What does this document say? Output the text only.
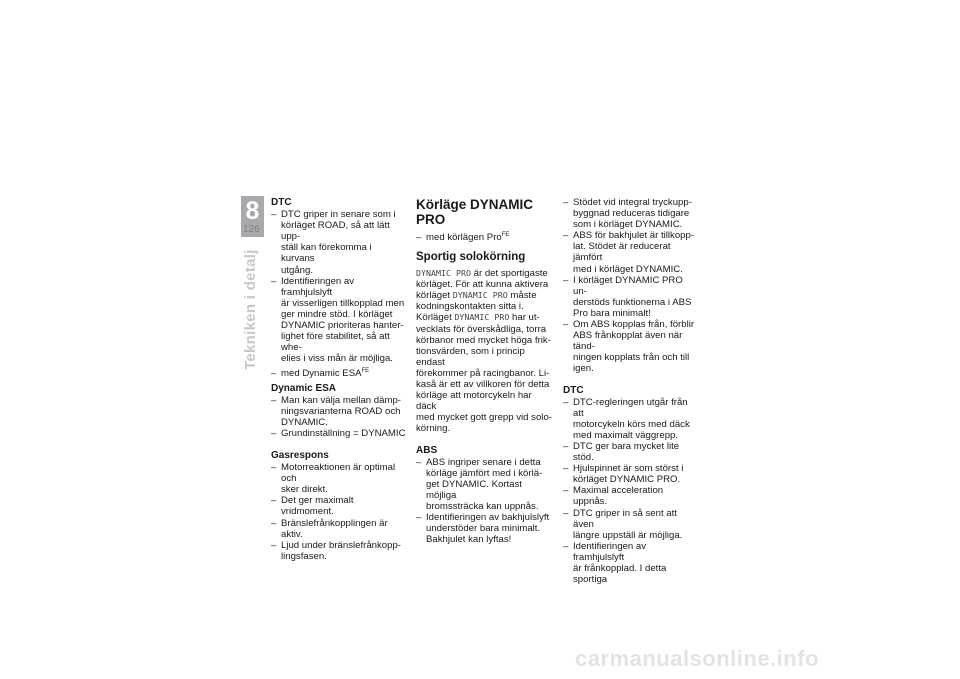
8
126
Tekniken i detalj
DTC
– DTC griper in senare som i
körläget ROAD, så att lätt upp-
ställ kan förekomma i kurvans
utgång.
– Identifieringen av framhjulslyft
är visserligen tillkopplad men
ger mindre stöd. I körläget
DYNAMIC prioriteras hanter-
lighet före stabilitet, så att whe-
elies i viss mån är möjliga.
– med Dynamic $ESA^{FE}$
Dynamic ESA
– Man kan välja mellan dämp-
ningsvarianterna ROAD och
DYNAMIC.
– Grundinställning = DYNAMIC
Gasrespons
– Motorreaktionen är optimal och
sker direkt.
– Det ger maximalt vridmoment.
– Bränslefrånkopplingen är aktiv.
– Ljud under bränslefrånkopp-
lingsfasen.
Körläge DYNAMIC PRO
– med körlägen Pro$^{FE}$
Sportig solokörning
DYNAMIC PRO är det sportigaste
körläget. För att kunna aktivera
körläget DYNAMIC PRO måste
kodningskontakten sitta i.
Körläget DYNAMIC PRO har ut-
vecklats för överskådliga, torra
körbanor med mycket höga frik-
tionsvärden, som i princip endast
förekommer på racingbanor. Li-
kaså är ett av villkoren för detta
körläge att motorcykeln har däck
med mycket gott grepp vid solo-
körning.
ABS
– ABS ingriper senare i detta
körläge jämfört med i körlä-
get DYNAMIC. Kortast möjliga
bromssträcka kan uppnås.
– Identifieringen av bakhjulslyft
understöder bara minimalt.
Bakhjulet kan lyftas!
– Stödet vid integral tryckupp-
byggnad reduceras tidigare
som i körläget DYNAMIC.
– ABS för bakhjulet är tillkopp-
lat. Stödet är reducerat jämfört
med i körläget DYNAMIC.
– I körläget DYNAMIC PRO un-
derstöds funktionerna i ABS
Pro bara minimalt!
– Om ABS kopplas från, förblir
ABS frånkopplat även när tänd-
ningen kopplats från och till
igen.
DTC
– DTC-regleringen utgår från att
motorcykeln körs med däck
med maximalt väggrepp.
– DTC ger bara mycket lite stöd.
– Hjulspinnet är som störst i
körläget DYNAMIC PRO.
– Maximal acceleration uppnås.
– DTC griper in så sent att även
längre uppställ är möjliga.
– Identifieringen av framhjulslyft
är frånkopplad. I detta sportiga
carmanualsonline.info
